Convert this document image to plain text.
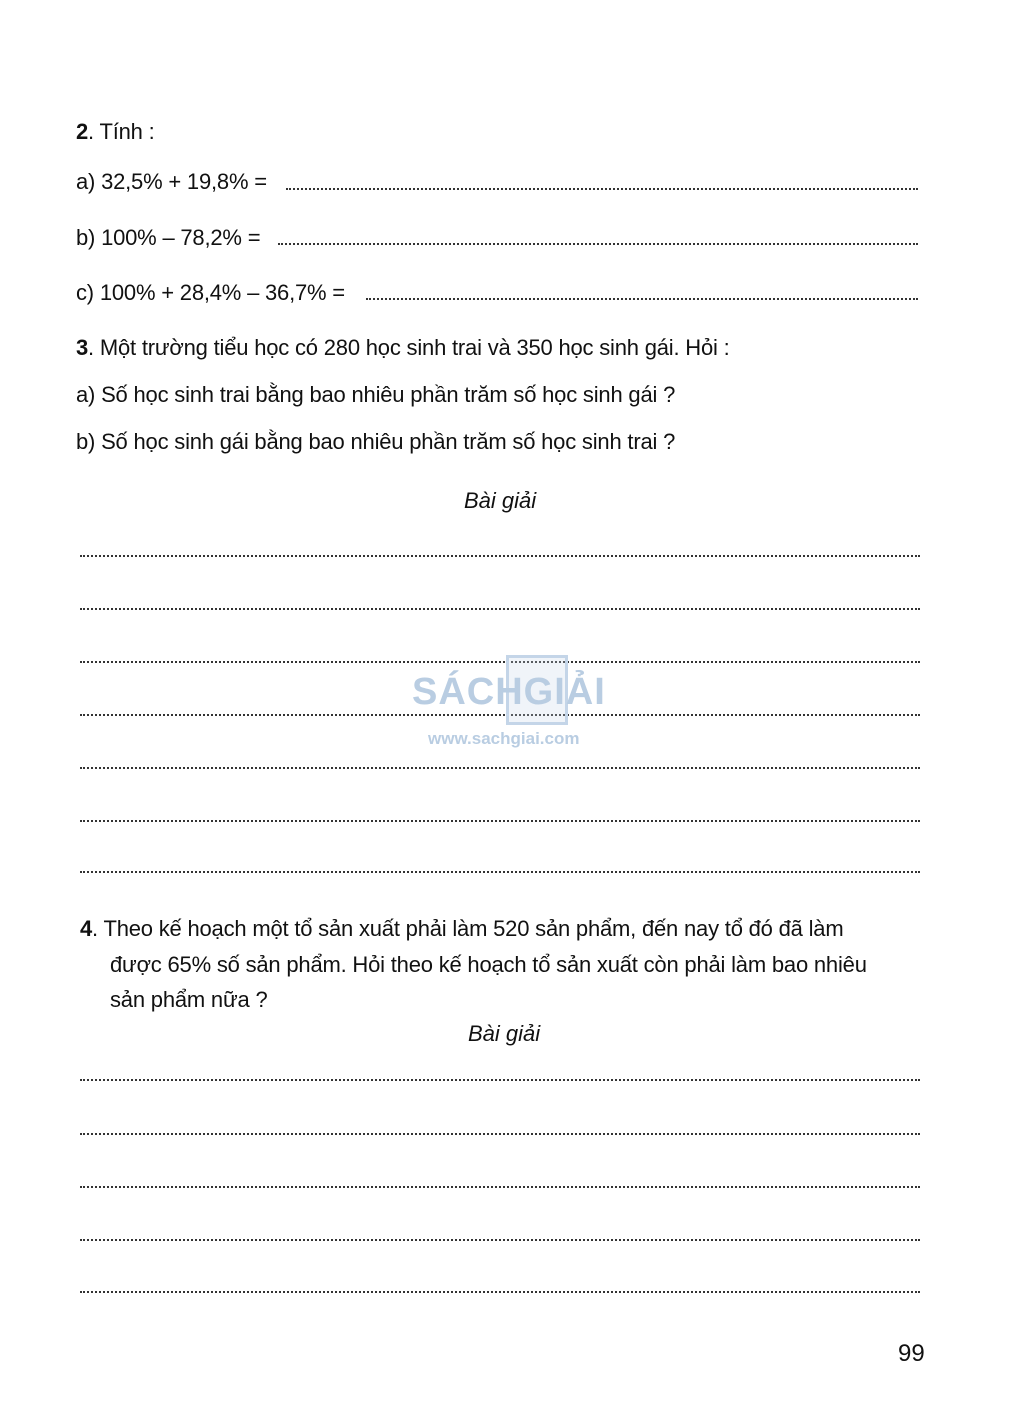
2. Tính :
a) 32,5% + 19,8% =
b) 100% – 78,2% =
c) 100% + 28,4% – 36,7% =
3. Một trường tiểu học có 280 học sinh trai và 350 học sinh gái. Hỏi :
a) Số học sinh trai bằng bao nhiêu phần trăm số học sinh gái ?
b) Số học sinh gái bằng bao nhiêu phần trăm số học sinh trai ?
Bài giải
SÁCHGIẢI
www.sachgiai.com
4. Theo kế hoạch một tổ sản xuất phải làm 520 sản phẩm, đến nay tổ đó đã làm
được 65% số sản phẩm. Hỏi theo kế hoạch tổ sản xuất còn phải làm bao nhiêu
sản phẩm nữa ?
Bài giải
99
